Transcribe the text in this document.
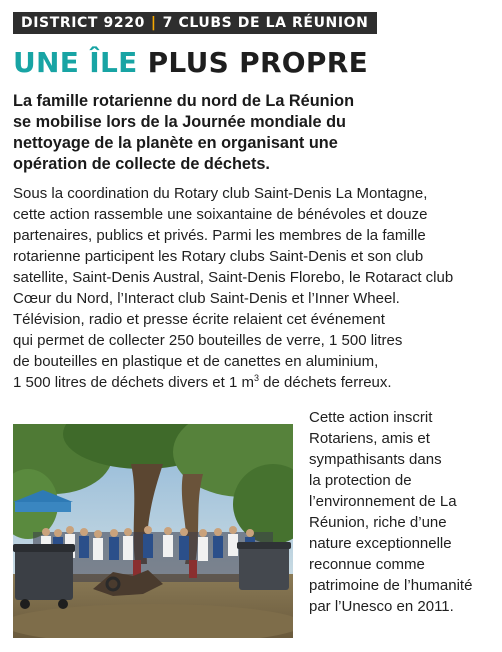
DISTRICT 9220 | 7 CLUBS DE LA RÉUNION
UNE ÎLE PLUS PROPRE

La famille rotarienne du nord de La Réunion
se mobilise lors de la Journée mondiale du
nettoyage de la planète en organisant une
opération de collecte de déchets.

Sous la coordination du Rotary club Saint-Denis La Montagne,
cette action rassemble une soixantaine de bénévoles et douze
partenaires, publics et privés. Parmi les membres de la famille
rotarienne participent les Rotary clubs Saint-Denis et son club
satellite, Saint-Denis Austral, Saint-Denis Florebo, le Rotaract club
Cœur du Nord, l’Interact club Saint-Denis et l’Inner Wheel.
Télévision, radio et presse écrite relaient cet événement
qui permet de collecter 250 bouteilles de verre, 1 500 litres
de bouteilles en plastique et de canettes en aluminium,
1 500 litres de déchets divers et 1 $m^3$ de déchets ferreux.

Cette action inscrit
Rotariens, amis et
sympathisants dans
la protection de
l’environnement de La
Réunion, riche d’une
nature exceptionnelle
reconnue comme
patrimoine de l’humanité
par l’Unesco en 2011.
